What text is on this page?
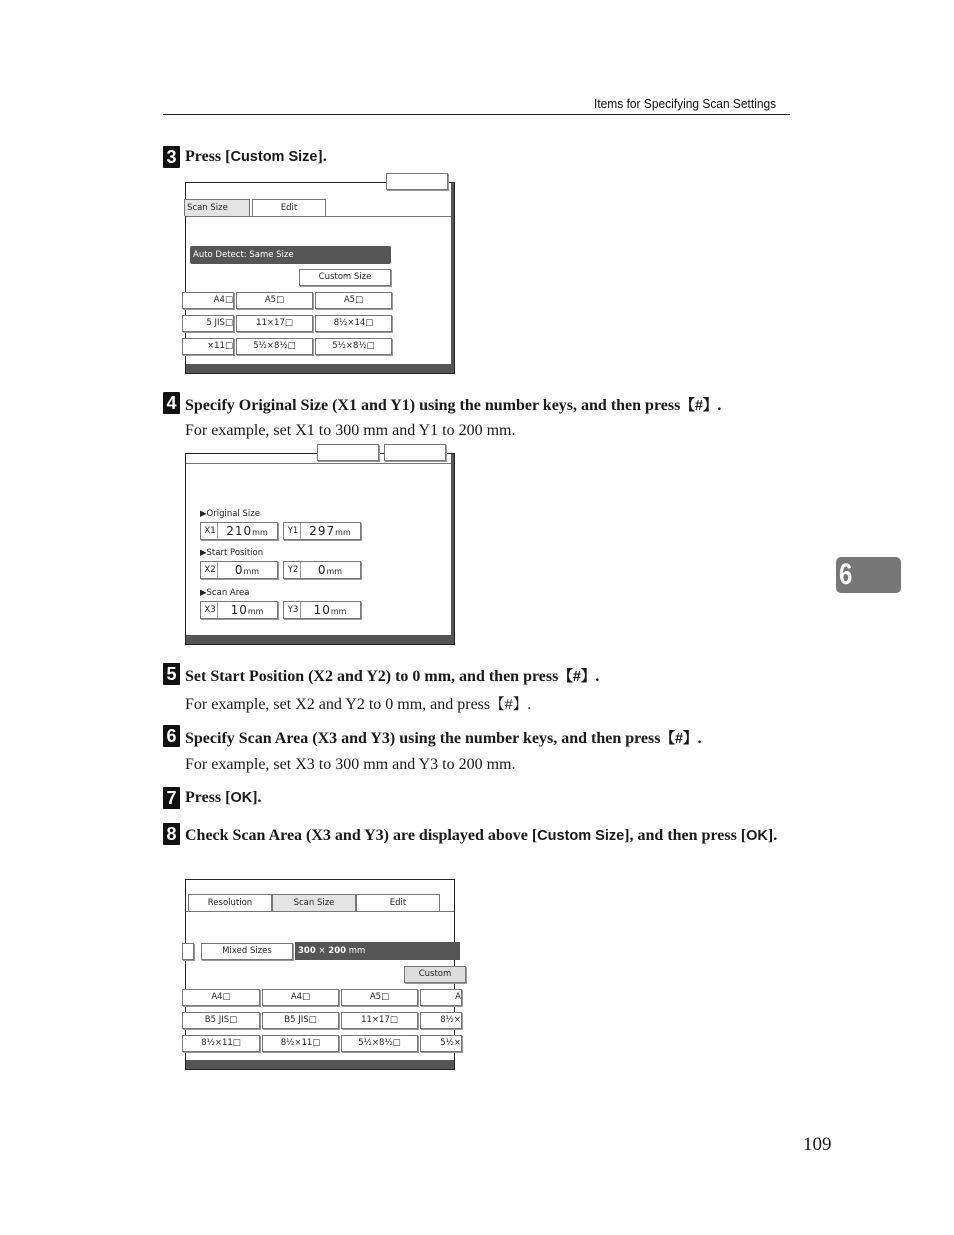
Items for Specifying Scan Settings
6
3 Press [Custom Size].
Scan Size	Edit
Auto Detect: Same Size
Custom Size
A4□	A5□	A5□
5 JIS□	11×17□	8½×14□
×11□	5½×8½□	5½×8½□
4 Specify Original Size (X1 and Y1) using the number keys, and then press【#】.
For example, set X1 to 300 mm and Y1 to 200 mm.
▶Original Size
X1 210mm	Y1 297mm
▶Start Position
X2	0mm	Y2	0mm
▶Scan Area
X3	10mm	Y3	10mm
5 Set Start Position (X2 and Y2) to 0 mm, and then press【#】.
For example, set X2 and Y2 to 0 mm, and press【#】.
6 Specify Scan Area (X3 and Y3) using the number keys, and then press【#】.
For example, set X3 to 300 mm and Y3 to 200 mm.
7 Press [OK].
8 Check Scan Area (X3 and Y3) are displayed above [Custom Size], and then press [OK].
Resolution	Scan Size	Edit
Mixed Sizes	300 × 200 mm
Custom
A4□	A4□	A5□	A
B5 JIS□	B5 JIS□	11×17□	8½×
8½×11□	8½×11□	5½×8½□	5½×
109
